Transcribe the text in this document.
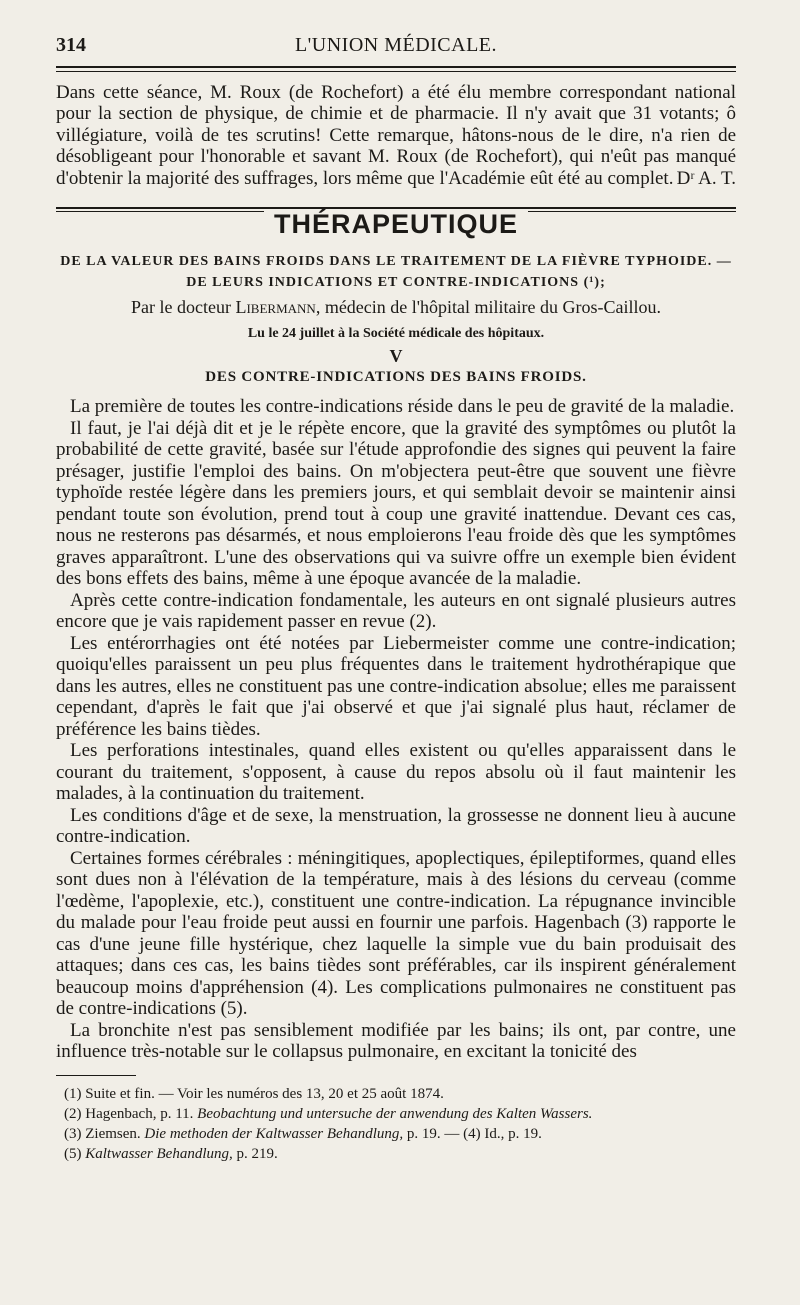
314	L'UNION MÉDICALE.

Dans cette séance, M. Roux (de Rochefort) a été élu membre correspondant national pour la section de physique, de chimie et de pharmacie. Il n'y avait que 31 votants; ô villégiature, voilà de tes scrutins! Cette remarque, hâtons-nous de le dire, n'a rien de désobligeant pour l'honorable et savant M. Roux (de Rochefort), qui n'eût pas manqué d'obtenir la majorité des suffrages, lors même que l'Académie eût été au complet. Dʳ A. T.
THÉRAPEUTIQUE
DE LA VALEUR DES BAINS FROIDS DANS LE TRAITEMENT DE LA FIÈVRE TYPHOIDE. —
DE LEURS INDICATIONS ET CONTRE-INDICATIONS (¹);
Par le docteur Libermann, médecin de l'hôpital militaire du Gros-Caillou.
Lu le 24 juillet à la Société médicale des hôpitaux.
V
DES CONTRE-INDICATIONS DES BAINS FROIDS.

La première de toutes les contre-indications réside dans le peu de gravité de la maladie.

Il faut, je l'ai déjà dit et je le répète encore, que la gravité des symptômes ou plutôt la probabilité de cette gravité, basée sur l'étude approfondie des signes qui peuvent la faire présager, justifie l'emploi des bains. On m'objectera peut-être que souvent une fièvre typhoïde restée légère dans les premiers jours, et qui semblait devoir se maintenir ainsi pendant toute son évolution, prend tout à coup une gravité inattendue. Devant ces cas, nous ne resterons pas désarmés, et nous emploierons l'eau froide dès que les symptômes graves apparaîtront. L'une des observations qui va suivre offre un exemple bien évident des bons effets des bains, même à une époque avancée de la maladie.

Après cette contre-indication fondamentale, les auteurs en ont signalé plusieurs autres encore que je vais rapidement passer en revue (2).

Les entérorrhagies ont été notées par Liebermeister comme une contre-indication; quoiqu'elles paraissent un peu plus fréquentes dans le traitement hydrothérapique que dans les autres, elles ne constituent pas une contre-indication absolue; elles me paraissent cependant, d'après le fait que j'ai observé et que j'ai signalé plus haut, réclamer de préférence les bains tièdes.

Les perforations intestinales, quand elles existent ou qu'elles apparaissent dans le courant du traitement, s'opposent, à cause du repos absolu où il faut maintenir les malades, à la continuation du traitement.

Les conditions d'âge et de sexe, la menstruation, la grossesse ne donnent lieu à aucune contre-indication.

Certaines formes cérébrales : méningitiques, apoplectiques, épileptiformes, quand elles sont dues non à l'élévation de la température, mais à des lésions du cerveau (comme l'œdème, l'apoplexie, etc.), constituent une contre-indication. La répugnance invincible du malade pour l'eau froide peut aussi en fournir une parfois. Hagenbach (3) rapporte le cas d'une jeune fille hystérique, chez laquelle la simple vue du bain produisait des attaques; dans ces cas, les bains tièdes sont préférables, car ils inspirent généralement beaucoup moins d'appréhension (4). Les complications pulmonaires ne constituent pas de contre-indications (5).

La bronchite n'est pas sensiblement modifiée par les bains; ils ont, par contre, une influence très-notable sur le collapsus pulmonaire, en excitant la tonicité des

(1) Suite et fin. — Voir les numéros des 13, 20 et 25 août 1874.
(2) Hagenbach, p. 11. Beobachtung und untersuche der anwendung des Kalten Wassers.
(3) Ziemsen. Die methoden der Kaltwasser Behandlung, p. 19. — (4) Id., p. 19.
(5) Kaltwasser Behandlung, p. 219.
